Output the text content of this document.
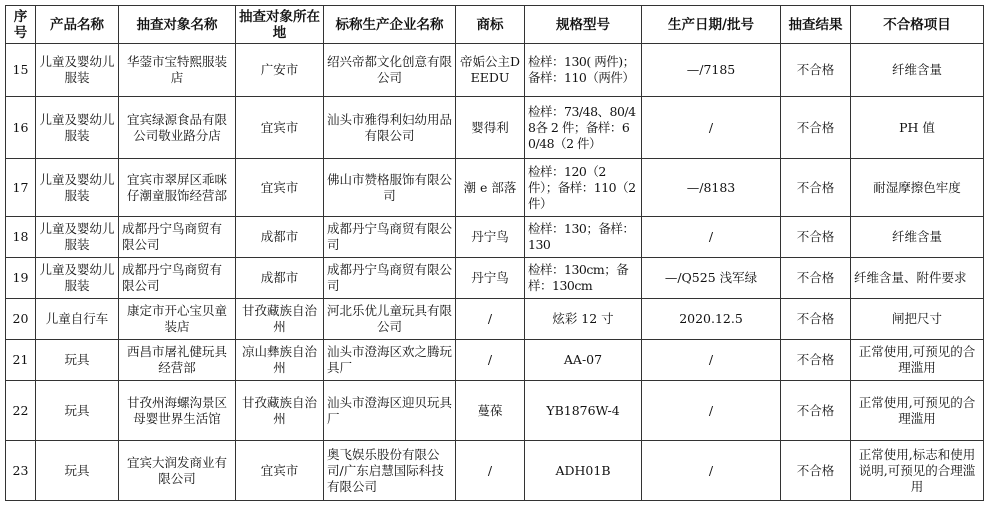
序号	产品名称	抽查对象名称	抽查对象所在地	标称生产企业名称	商标	规格型号	生产日期/批号	抽查结果	不合格项目
15	儿童及婴幼儿服装	华蓥市宝特熙服装店	广安市	绍兴帝都文化创意有限公司	帝姤公主DEEDU	检样：130( 两件)；备样：110（两件）	—/7185	不合格	纤维含量
16	儿童及婴幼儿服装	宜宾绿源食品有限公司敬业路分店	宜宾市	汕头市雅得利妇幼用品有限公司	婴得利	检样：73/48、80/48各 2 件；备样：60/48（2 件）	/	不合格	PH 值
17	儿童及婴幼儿服装	宜宾市翠屏区乖咪仔潮童服饰经营部	宜宾市	佛山市赞格服饰有限公司	潮 e 部落	检样：120（2 件）；备样：110（2 件）	—/8183	不合格	耐湿摩擦色牢度
18	儿童及婴幼儿服装	成都丹宁鸟商贸有限公司	成都市	成都丹宁鸟商贸有限公司	丹宁鸟	检样：130；备样：130	/	不合格	纤维含量
19	儿童及婴幼儿服装	成都丹宁鸟商贸有限公司	成都市	成都丹宁鸟商贸有限公司	丹宁鸟	检样：130cm；备样：130cm	—/Q525 浅军绿	不合格	纤维含量、附件要求
20	儿童自行车	康定市开心宝贝童装店	甘孜藏族自治州	河北乐优儿童玩具有限公司	/	炫彩 12 寸	2020.12.5	不合格	闸把尺寸
21	玩具	西昌市屠礼健玩具经营部	凉山彝族自治州	汕头市澄海区欢之腾玩具厂	/	AA-07	/	不合格	正常使用,可预见的合理滥用
22	玩具	甘孜州海螺沟景区母婴世界生活馆	甘孜藏族自治州	汕头市澄海区迎贝玩具厂	蔓葆	YB1876W-4	/	不合格	正常使用,可预见的合理滥用
23	玩具	宜宾大润发商业有限公司	宜宾市	奥飞娱乐股份有限公司/广东启慧国际科技有限公司	/	ADH01B	/	不合格	正常使用,标志和使用说明,可预见的合理滥用
